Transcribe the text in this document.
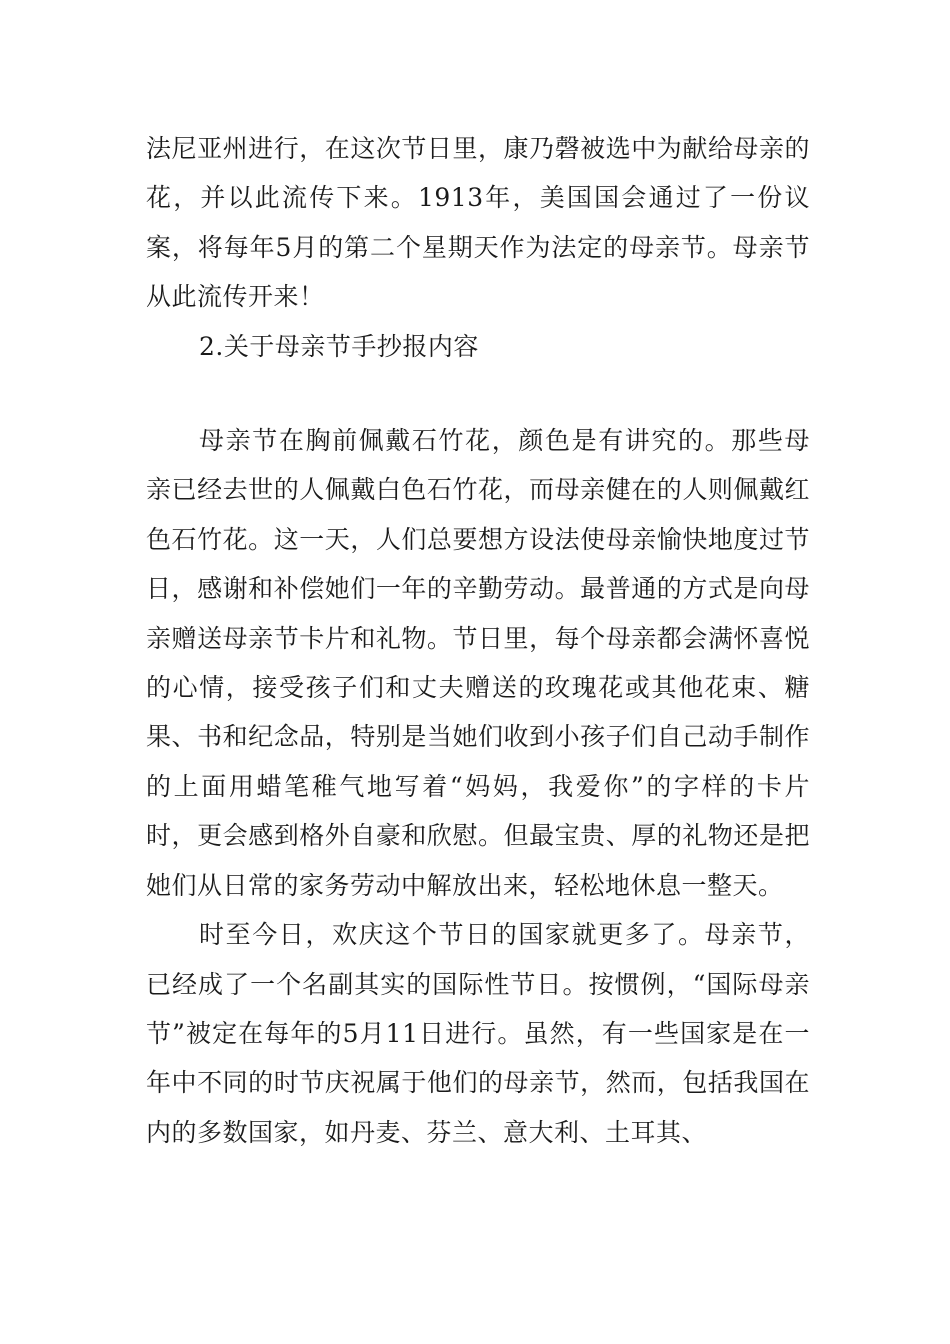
法尼亚州进行，在这次节日里，康乃磬被选中为献给母亲的花，并以此流传下来。1913年，美国国会通过了一份议案，将每年5月的第二个星期天作为法定的母亲节。母亲节从此流传开来！

2.关于母亲节手抄报内容

母亲节在胸前佩戴石竹花，颜色是有讲究的。那些母亲已经去世的人佩戴白色石竹花，而母亲健在的人则佩戴红色石竹花。这一天，人们总要想方设法使母亲愉快地度过节日，感谢和补偿她们一年的辛勤劳动。最普通的方式是向母亲赠送母亲节卡片和礼物。节日里，每个母亲都会满怀喜悦的心情，接受孩子们和丈夫赠送的玫瑰花或其他花束、糖果、书和纪念品，特别是当她们收到小孩子们自己动手制作的上面用蜡笔稚气地写着“妈妈，我爱你”的字样的卡片时，更会感到格外自豪和欣慰。但最宝贵、厚的礼物还是把她们从日常的家务劳动中解放出来，轻松地休息一整天。

时至今日，欢庆这个节日的国家就更多了。母亲节，已经成了一个名副其实的国际性节日。按惯例，“国际母亲节”被定在每年的5月11日进行。虽然，有一些国家是在一年中不同的时节庆祝属于他们的母亲节，然而，包括我国在内的多数国家，如丹麦、芬兰、意大利、土耳其、
